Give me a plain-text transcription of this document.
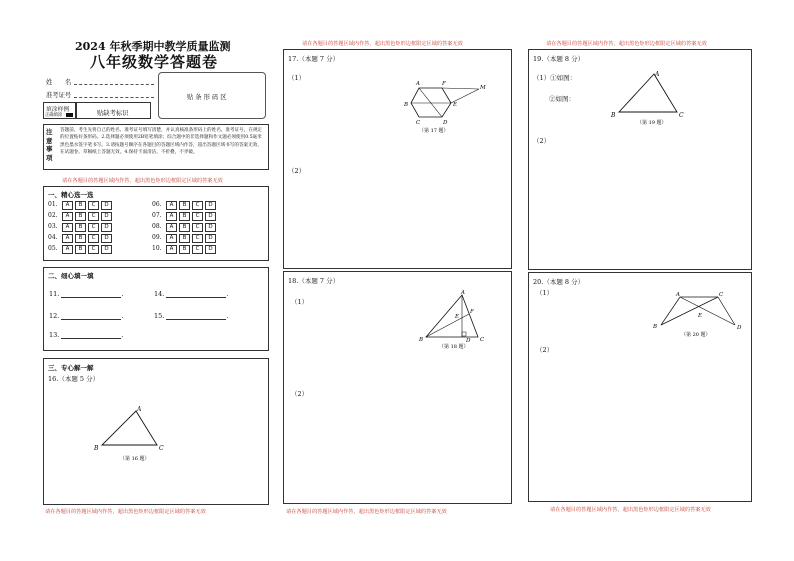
2024 年秋季期中教学质量监测
八年级数学答题卷
姓　　名
准考证号
填涂样例
正确填涂	贴缺考标识
贴 条 形 码 区
注意事项
答题前，考生先将自己的姓名、准考证号填写清楚，并认真核准条形码上的姓名、准考证号，在规定的位置贴好条形码。2.选择题必须使用2B铅笔填涂；综合题中的非选择题和作文题必须使用0.5毫米黑色墨水签字笔书写。3.请按题号顺序在各题目的答题区域内作答，超出答题区域书写的答案无效，在试题卷、草稿纸上答题无效。4.保持卡面清洁，不折叠，不弄破。
请在各题目的答题区域内作答，超出黑色矩形边框限定区域的答案无效
一、精心选一选
01. A B C D
02. A B C D
03. A B C D
04. A B C D
05. A B C D
06. A B C D
07. A B C D
08. A B C D
09. A B C D
10. A B C D
二、细心填一填
11.	.
12.	.
13.	.
14.	.
15.	.
三、专心解一解
16.（本题 5 分）
A
B	C
（第 16 题）
请在各题目的答题区域内作答，超出黑色矩形边框限定区域的答案无效
请在各题目的答题区域内作答，超出黑色矩形边框限定区域的答案无效
17.（本题 7 分）
（1）
（2）
A	F
M
B	E
C	D
（第 17 题）
18.（本题 7 分）
（1）
（2）
A
B	C
D
E
F
（第 18 题）
请在各题目的答题区域内作答，超出黑色矩形边框限定区域的答案无效
请在各题目的答题区域内作答，超出黑色矩形边框限定区域的答案无效
19.（本题 8 分）
（1）①如图：
②如图：
（2）
A
B	C
（第 19 题）
20.（本题 8 分）
（1）
（2）
A	C
B	D
E
（第 20 题）
请在各题目的答题区域内作答，超出黑色矩形边框限定区域的答案无效
